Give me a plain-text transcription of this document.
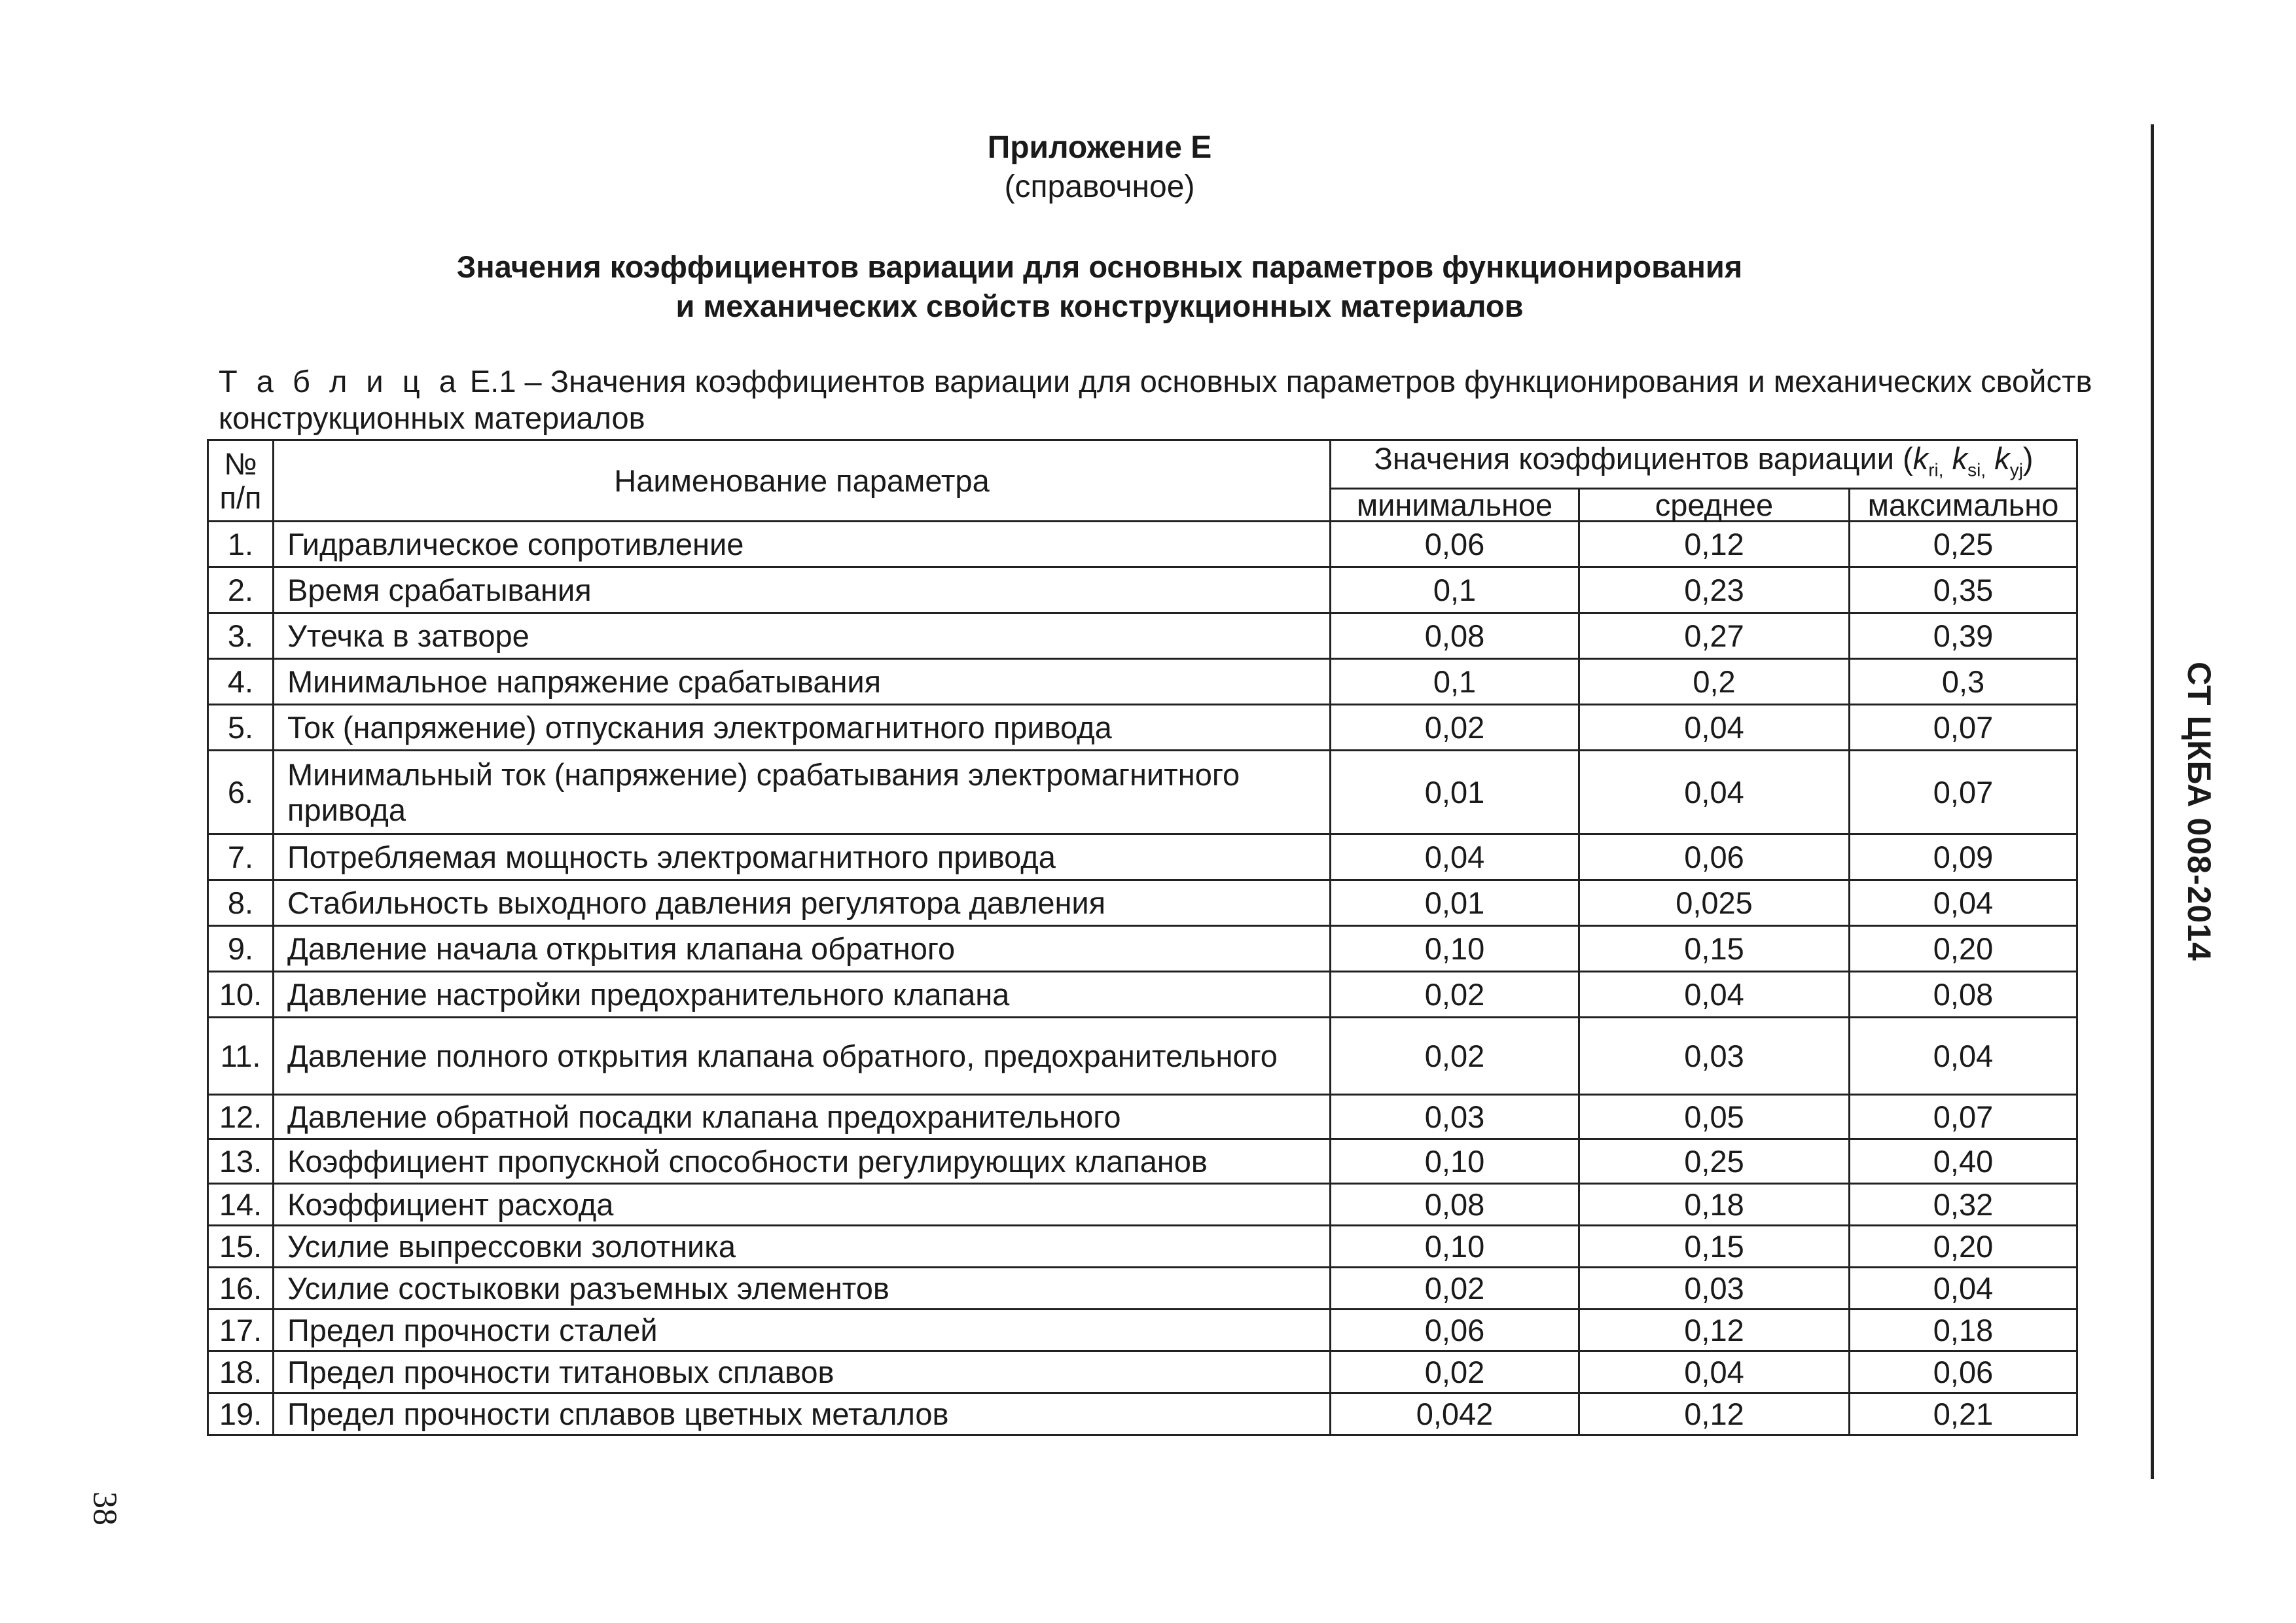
Приложение Е
(справочное)
Значения коэффициентов вариации для основных параметров функционирования
и механических свойств конструкционных материалов
Т а б л и ц а Е.1 – Значения коэффициентов вариации для основных параметров функционирования и механических свойств конструкционных материалов
№ п/п	Наименование параметра	Значения коэффициентов вариации ($k_{ri,}$ $k_{si,}$ $k_{yj}$)		
		минимальное	среднее	максимально
1.	Гидравлическое сопротивление	0,06	0,12	0,25
2.	Время срабатывания	0,1	0,23	0,35
3.	Утечка в затворе	0,08	0,27	0,39
4.	Минимальное напряжение срабатывания	0,1	0,2	0,3
5.	Ток (напряжение) отпускания электромагнитного привода	0,02	0,04	0,07
6.	Минимальный ток (напряжение) срабатывания электромагнитного привода	0,01	0,04	0,07
7.	Потребляемая мощность электромагнитного привода	0,04	0,06	0,09
8.	Стабильность выходного давления регулятора давления	0,01	0,025	0,04
9.	Давление начала открытия клапана обратного	0,10	0,15	0,20
10.	Давление настройки предохранительного клапана	0,02	0,04	0,08
11.	Давление полного открытия клапана обратного, предохранительного	0,02	0,03	0,04
12.	Давление обратной посадки клапана предохранительного	0,03	0,05	0,07
13.	Коэффициент пропускной способности регулирующих клапанов	0,10	0,25	0,40
14.	Коэффициент расхода	0,08	0,18	0,32
15.	Усилие выпрессовки золотника	0,10	0,15	0,20
16.	Усилие состыковки разъемных элементов	0,02	0,03	0,04
17.	Предел прочности сталей	0,06	0,12	0,18
18.	Предел прочности титановых сплавов	0,02	0,04	0,06
19.	Предел прочности сплавов цветных металлов	0,042	0,12	0,21
СТ ЦКБА 008-2014
38
